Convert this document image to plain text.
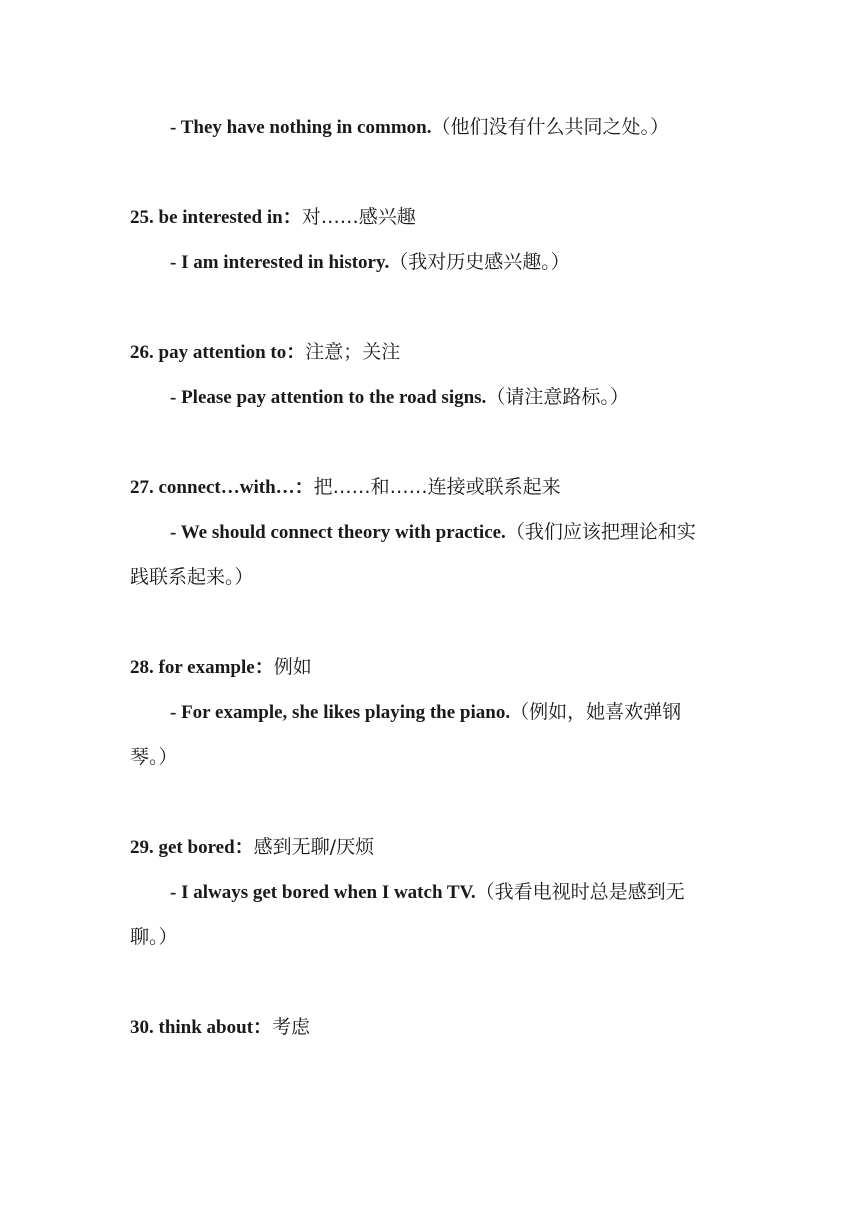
- They have nothing in common.（他们没有什么共同之处。）
25. be interested in：对……感兴趣
- I am interested in history.（我对历史感兴趣。）
26. pay attention to：注意；关注
- Please pay attention to the road signs.（请注意路标。）
27. connect…with…：把……和……连接或联系起来
- We should connect theory with practice.（我们应该把理论和实
践联系起来。）
28. for example：例如
- For example, she likes playing the piano.（例如，她喜欢弹钢
琴。）
29. get bored：感到无聊/厌烦
- I always get bored when I watch TV.（我看电视时总是感到无
聊。）
30. think about：考虑
